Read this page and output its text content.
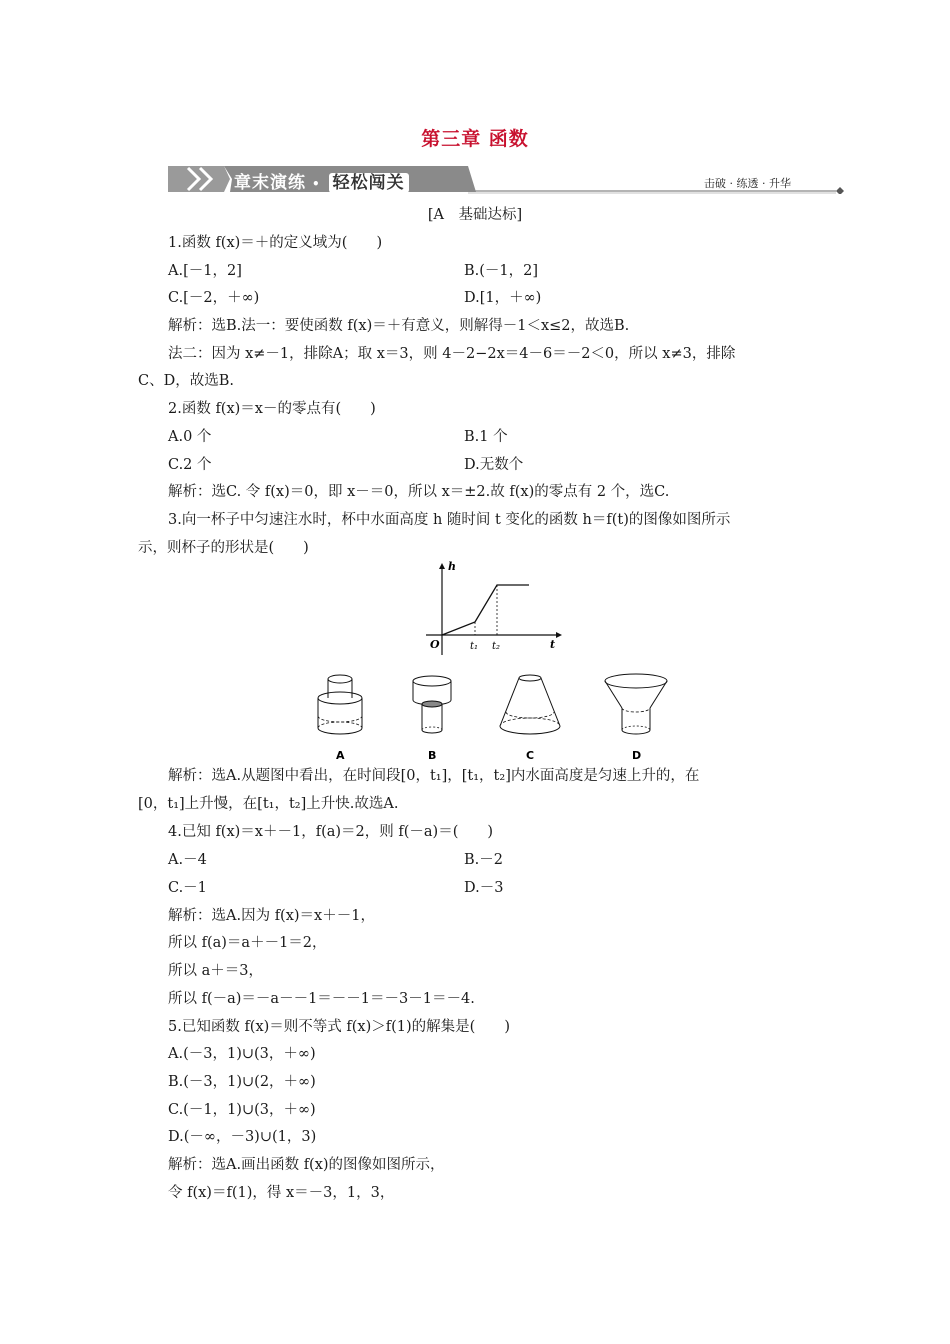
第三章 函数
章末演练 • 轻松闯关	击破 · 练透 · 升华
[A　基础达标]
1.函数 f(x)＝＋的定义域为(　　)
A.[－1，2]	B.(－1，2]
C.[－2，＋∞)	D.[1，＋∞)
解析：选B.法一：要使函数 f(x)＝＋有意义，则解得－1＜x≤2，故选B.
法二：因为 x≠－1，排除A；取 x＝3，则 4－2−2x＝4－6＝－2＜0，所以 x≠3，排除
C、D，故选B.
2.函数 f(x)＝x－的零点有(　　)
A.0 个	B.1 个
C.2 个	D.无数个
解析：选C. 令 f(x)＝0，即 x－＝0，所以 x＝±2.故 f(x)的零点有 2 个，选C.
3.向一杯子中匀速注水时，杯中水面高度 h 随时间 t 变化的函数 h＝f(t)的图像如图所示
示，则杯子的形状是(　　)
h
t
O	t₁ t₂
A	B	C	D
解析：选A.从题图中看出，在时间段[0，t₁]，[t₁，t₂]内水面高度是匀速上升的，在
[0，t₁]上升慢，在[t₁，t₂]上升快.故选A.
4.已知 f(x)＝x＋－1，f(a)＝2，则 f(－a)＝(　　)
A.－4	B.－2
C.－1	D.－3
解析：选A.因为 f(x)＝x＋－1，
所以 f(a)＝a＋－1＝2，
所以 a＋＝3，
所以 f(－a)＝－a－－1＝－－1＝－3－1＝－4.
5.已知函数 f(x)＝则不等式 f(x)＞f(1)的解集是(　　)
A.(－3，1)∪(3，＋∞)
B.(－3，1)∪(2，＋∞)
C.(－1，1)∪(3，＋∞)
D.(－∞，－3)∪(1，3)
解析：选A.画出函数 f(x)的图像如图所示，
令 f(x)＝f(1)，得 x＝－3，1，3，
